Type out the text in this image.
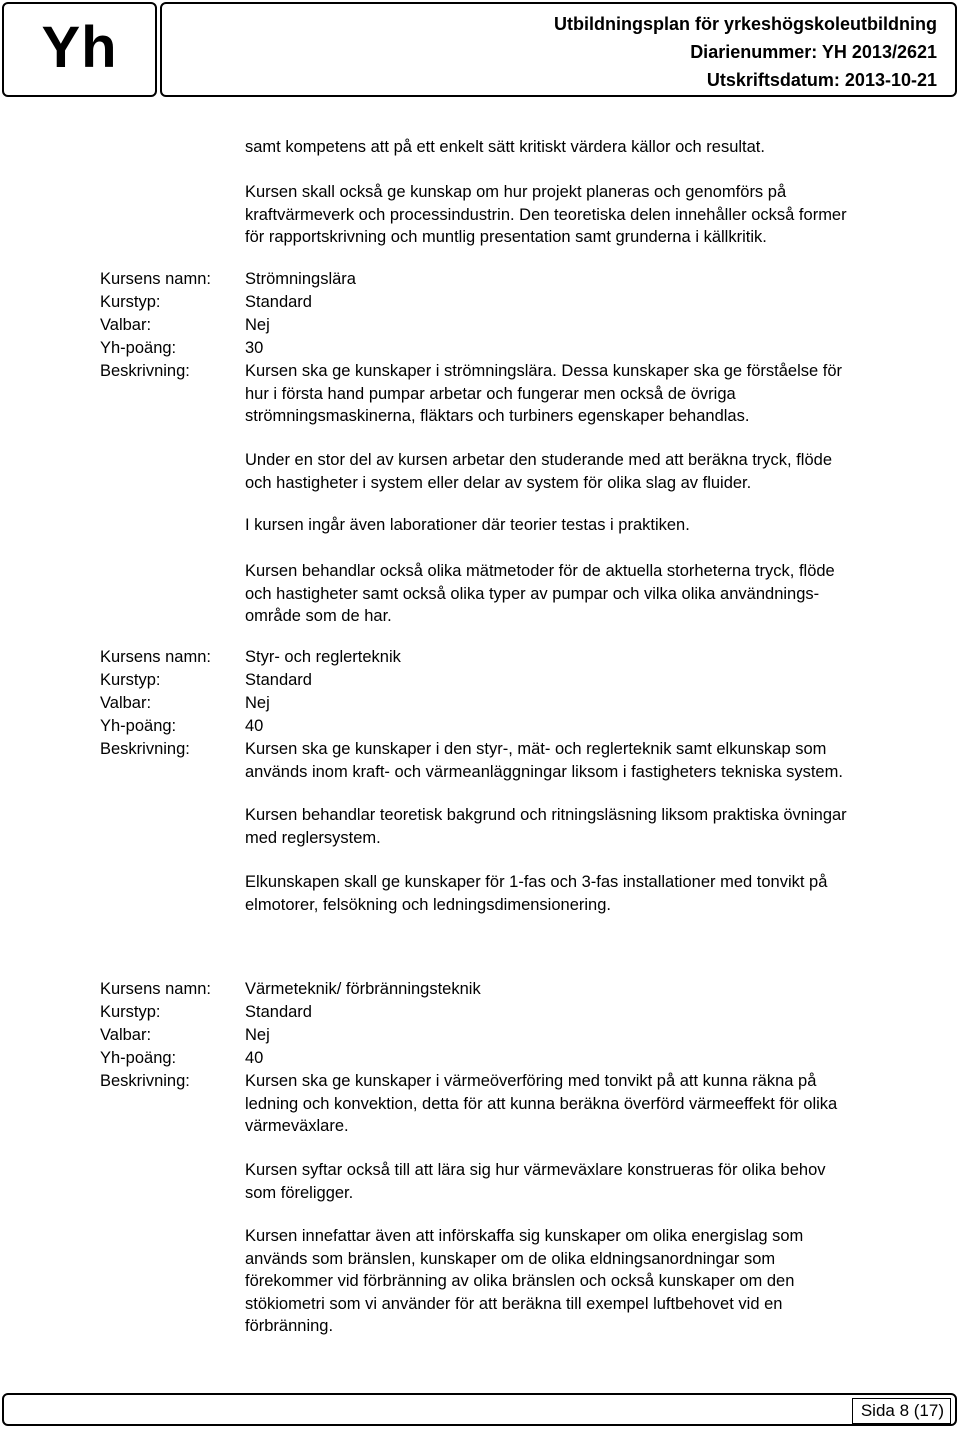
Yh	Utbildningsplan för yrkeshögskoleutbildning
Diarienummer: YH 2013/2621
Utskriftsdatum: 2013-10-21
samt kompetens att på ett enkelt sätt kritiskt värdera källor och resultat.
Kursen skall också ge kunskap om hur projekt planeras och genomförs på
kraftvärmeverk och processindustrin. Den teoretiska delen innehåller också former
för rapportskrivning och muntlig presentation samt grunderna i källkritik.
Kursens namn: Strömningslära
Kurstyp:	Standard
Valbar:	Nej
Yh-poäng:	30
Beskrivning:	Kursen ska ge kunskaper i strömningslära. Dessa kunskaper ska ge förståelse för
hur i första hand pumpar arbetar och fungerar men också de övriga
strömningsmaskinerna, fläktars och turbiners egenskaper behandlas.
Under en stor del av kursen arbetar den studerande med att beräkna tryck, flöde
och hastigheter i system eller delar av system för olika slag av fluider.
I kursen ingår även laborationer där teorier testas i praktiken.
Kursen behandlar också olika mätmetoder för de aktuella storheterna tryck, flöde
och hastigheter samt också olika typer av pumpar och vilka olika användnings-
område som de har.
Kursens namn: Styr- och reglerteknik
Kurstyp:	Standard
Valbar:	Nej
Yh-poäng:	40
Beskrivning:	Kursen ska ge kunskaper i den styr-, mät- och reglerteknik samt elkunskap som
används inom kraft- och värmeanläggningar liksom i fastigheters tekniska system.
Kursen behandlar teoretisk bakgrund och ritningsläsning liksom praktiska övningar
med reglersystem.
Elkunskapen skall ge kunskaper för 1-fas och 3-fas installationer med tonvikt på
elmotorer, felsökning och ledningsdimensionering.
Kursens namn: Värmeteknik/ förbränningsteknik
Kurstyp:	Standard
Valbar:	Nej
Yh-poäng:	40
Beskrivning:	Kursen ska ge kunskaper i värmeöverföring med tonvikt på att kunna räkna på
ledning och konvektion, detta för att kunna beräkna överförd värmeeffekt för olika
värmeväxlare.
Kursen syftar också till att lära sig hur värmeväxlare konstrueras för olika behov
som föreligger.
Kursen innefattar även att införskaffa sig kunskaper om olika energislag som
används som bränslen, kunskaper om de olika eldningsanordningar som
förekommer vid förbränning av olika bränslen och också kunskaper om den
stökiometri som vi använder för att beräkna till exempel luftbehovet vid en
förbränning.
Sida 8 (17)
